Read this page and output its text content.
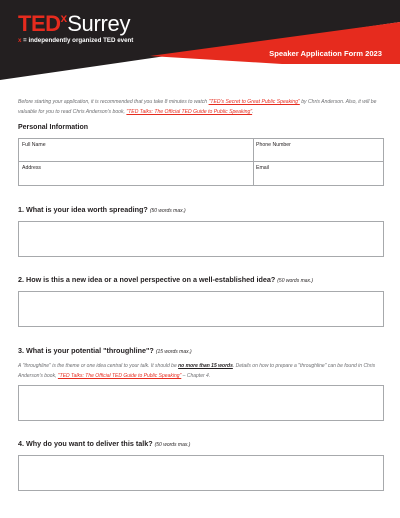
TED$^x$Surrey
x = independently organized TED event
Speaker Application Form 2023

Before starting your application, it is recommended that you take 8 minutes to watch "TED's Secret to Great Public Speaking" by Chris Anderson. Also, it will be valuable for you to read Chris Anderson's book, "TED Talks: The Official TED Guide to Public Speaking".

Personal Information
Full Name	Phone Number
Address	Email
1. What is your idea worth spreading? (50 words max.)
2. How is this a new idea or a novel perspective on a well-established idea? (50 words max.)
3. What is your potential "throughline"? (15 words max.)

A "throughline" is the theme or one idea central to your talk. It should be no more than 15 words. Details on how to prepare a "throughline" can be found in Chris Anderson's book, "TED Talks: The Official TED Guide to Public Speaking" – Chapter 4.

4. Why do you want to deliver this talk? (50 words max.)
